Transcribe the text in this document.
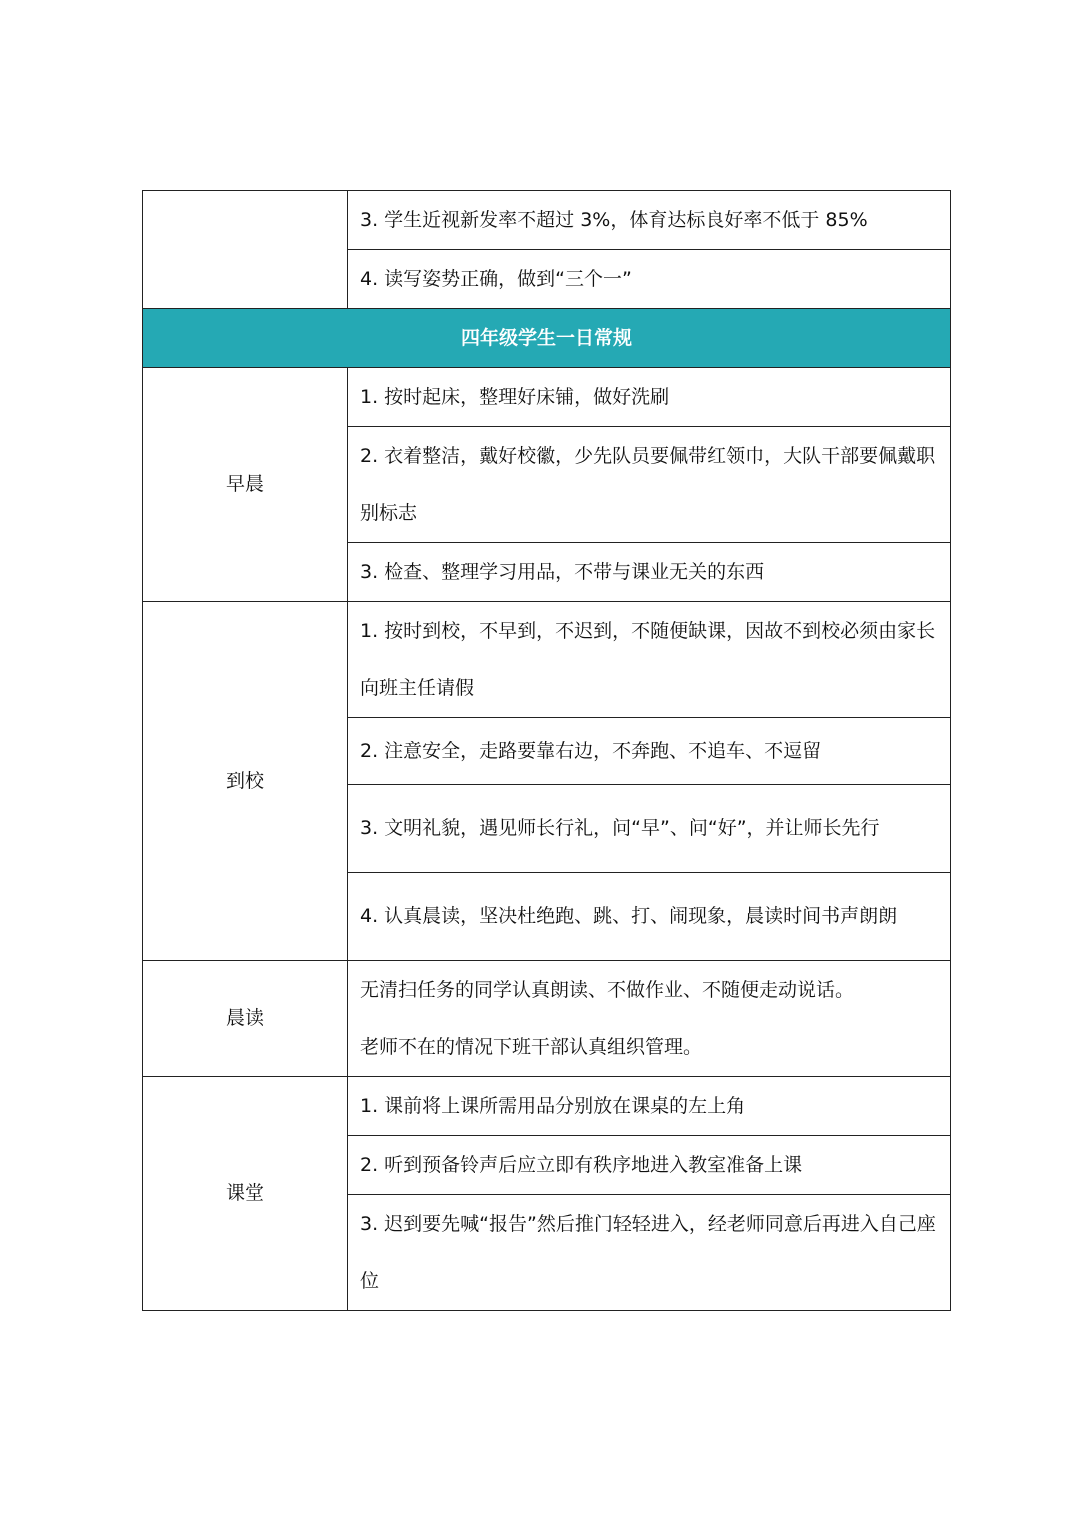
	3. 学生近视新发率不超过 3%，体育达标良好率不低于 85%
	4. 读写姿势正确，做到“三个一”
四年级学生一日常规	
早晨	1. 按时起床，整理好床铺，做好洗刷
	2. 衣着整洁，戴好校徽，少先队员要佩带红领巾，大队干部要佩戴职别标志
	3. 检查、整理学习用品，不带与课业无关的东西
到校	1. 按时到校，不早到，不迟到，不随便缺课，因故不到校必须由家长向班主任请假
	2. 注意安全，走路要靠右边，不奔跑、不追车、不逗留
	3. 文明礼貌，遇见师长行礼，问“早”、问“好”，并让师长先行
	4. 认真晨读，坚决杜绝跑、跳、打、闹现象，晨读时间书声朗朗
晨读	无清扫任务的同学认真朗读、不做作业、不随便走动说话。
老师不在的情况下班干部认真组织管理。

课堂	1. 课前将上课所需用品分别放在课桌的左上角
	2. 听到预备铃声后应立即有秩序地进入教室准备上课
	3. 迟到要先喊“报告”然后推门轻轻进入，经老师同意后再进入自己座位
